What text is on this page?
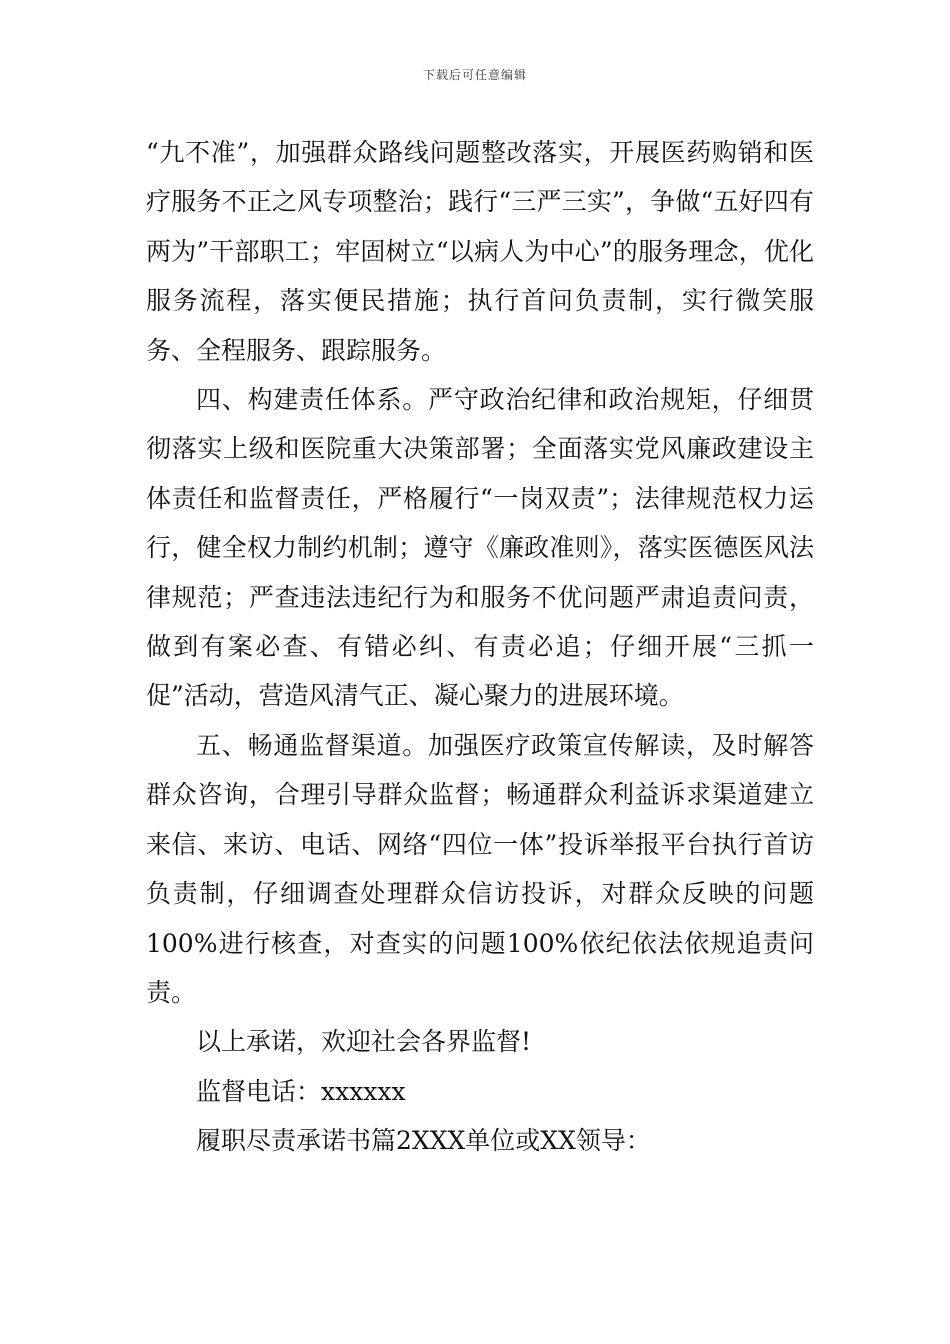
下载后可任意编辑

“九不准”，加强群众路线问题整改落实，开展医药购销和医疗服务不正之风专项整治；践行“三严三实”，争做“五好四有两为”干部职工；牢固树立“以病人为中心”的服务理念，优化服务流程，落实便民措施；执行首问负责制，实行微笑服务、全程服务、跟踪服务。

四、构建责任体系。严守政治纪律和政治规矩，仔细贯彻落实上级和医院重大决策部署；全面落实党风廉政建设主体责任和监督责任，严格履行“一岗双责”；法律规范权力运行，健全权力制约机制；遵守《廉政准则》，落实医德医风法律规范；严查违法违纪行为和服务不优问题严肃追责问责，做到有案必查、有错必纠、有责必追；仔细开展“三抓一促”活动，营造风清气正、凝心聚力的进展环境。

五、畅通监督渠道。加强医疗政策宣传解读，及时解答群众咨询，合理引导群众监督；畅通群众利益诉求渠道建立来信、来访、电话、网络“四位一体”投诉举报平台执行首访负责制，仔细调查处理群众信访投诉，对群众反映的问题100%进行核查，对查实的问题100%依纪依法依规追责问责。

以上承诺，欢迎社会各界监督!

监督电话：xxxxxx

履职尽责承诺书篇2XXX单位或XX领导：
